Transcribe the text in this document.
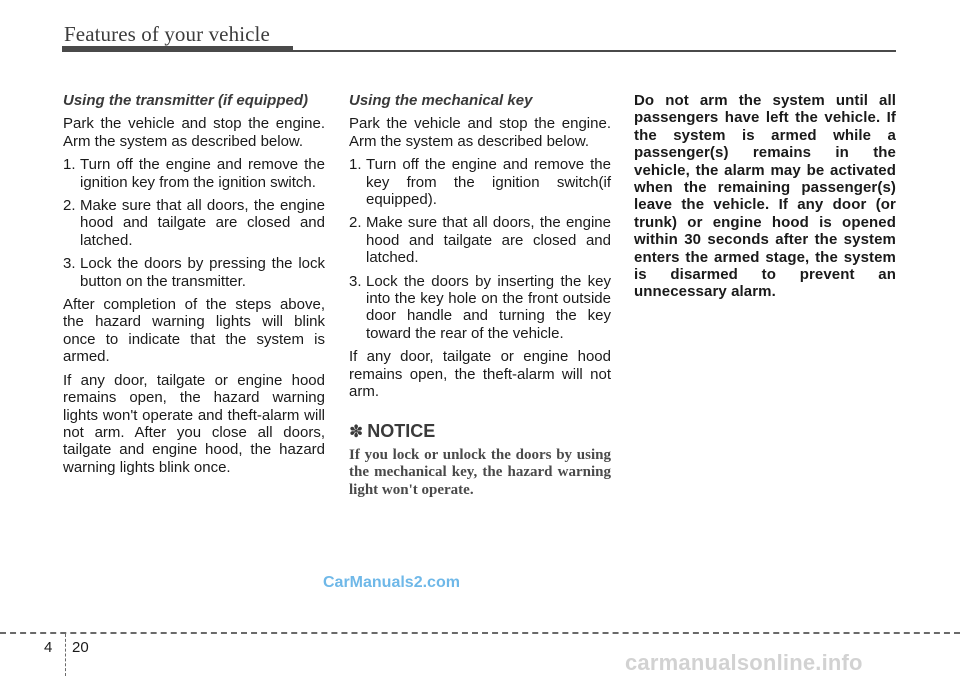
Features of your vehicle
Using the transmitter (if equipped)

Park the vehicle and stop the engine. Arm the system as described below.

1. Turn off the engine and remove the ignition key from the ignition switch.
2. Make sure that all doors, the engine hood and tailgate are closed and latched.
3. Lock the doors by pressing the lock button on the transmitter.

After completion of the steps above, the hazard warning lights will blink once to indicate that the system is armed.

If any door, tailgate or engine hood remains open, the hazard warning lights won't operate and theft-alarm will not arm. After you close all doors, tailgate and engine hood, the hazard warning lights blink once.

Using the mechanical key

Park the vehicle and stop the engine. Arm the system as described below.

1. Turn off the engine and remove the key from the ignition switch(if equipped).
2. Make sure that all doors, the engine hood and tailgate are closed and latched.
3. Lock the doors by inserting the key into the key hole on the front outside door handle and turning the key toward the rear of the vehicle.

If any door, tailgate or engine hood remains open, the theft-alarm will not arm.

✽ NOTICE

If you lock or unlock the doors by using the mechanical key, the hazard warning light won't operate.

Do not arm the system until all passengers have left the vehicle. If the system is armed while a passenger(s) remains in the vehicle, the alarm may be activated when the remaining passenger(s) leave the vehicle. If any door (or trunk) or engine hood is opened within 30 seconds after the system enters the armed stage, the system is disarmed to prevent an unnecessary alarm.

CarManuals2.com
4 20
carmanualsonline.info
